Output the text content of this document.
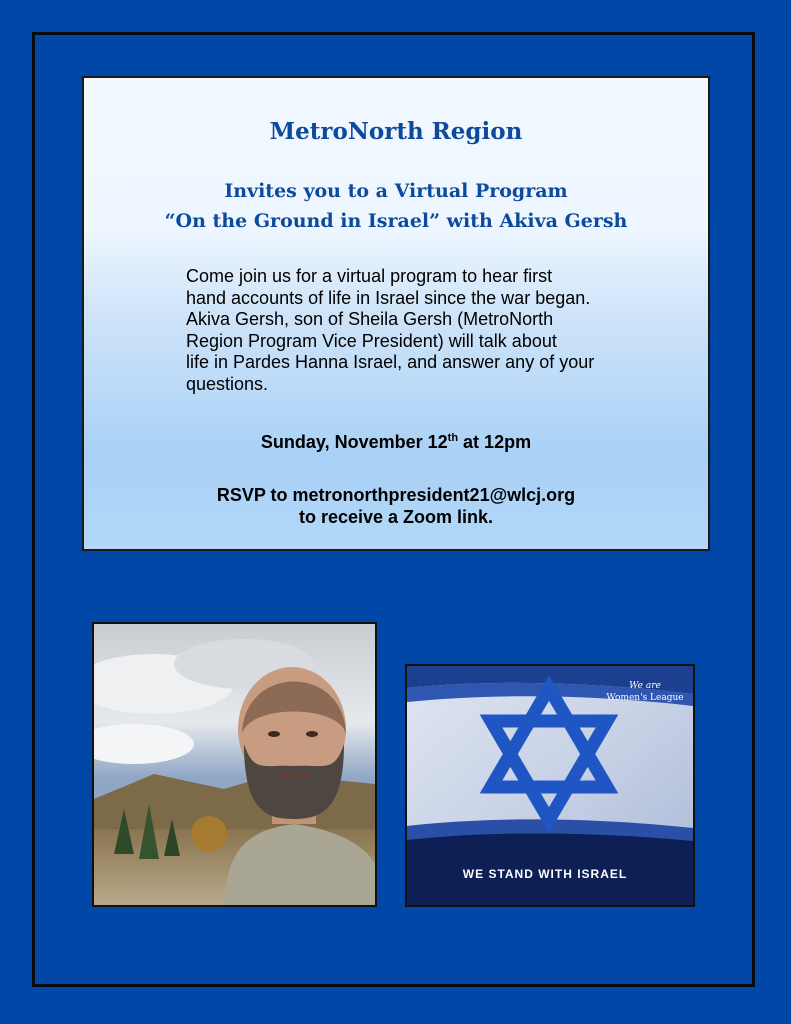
MetroNorth Region
Invites you to a Virtual Program
“On the Ground in Israel” with Akiva Gersh
Come join us for a virtual program to hear first
hand accounts of life in Israel since the war began.
Akiva Gersh, son of Sheila Gersh (MetroNorth
Region Program Vice President) will talk about
life in Pardes Hanna Israel, and answer any of your
questions.
Sunday, November 12th at 12pm
RSVP to metronorthpresident21@wlcj.org
to receive a Zoom link.
We are
Women's League
WE STAND WITH ISRAEL
